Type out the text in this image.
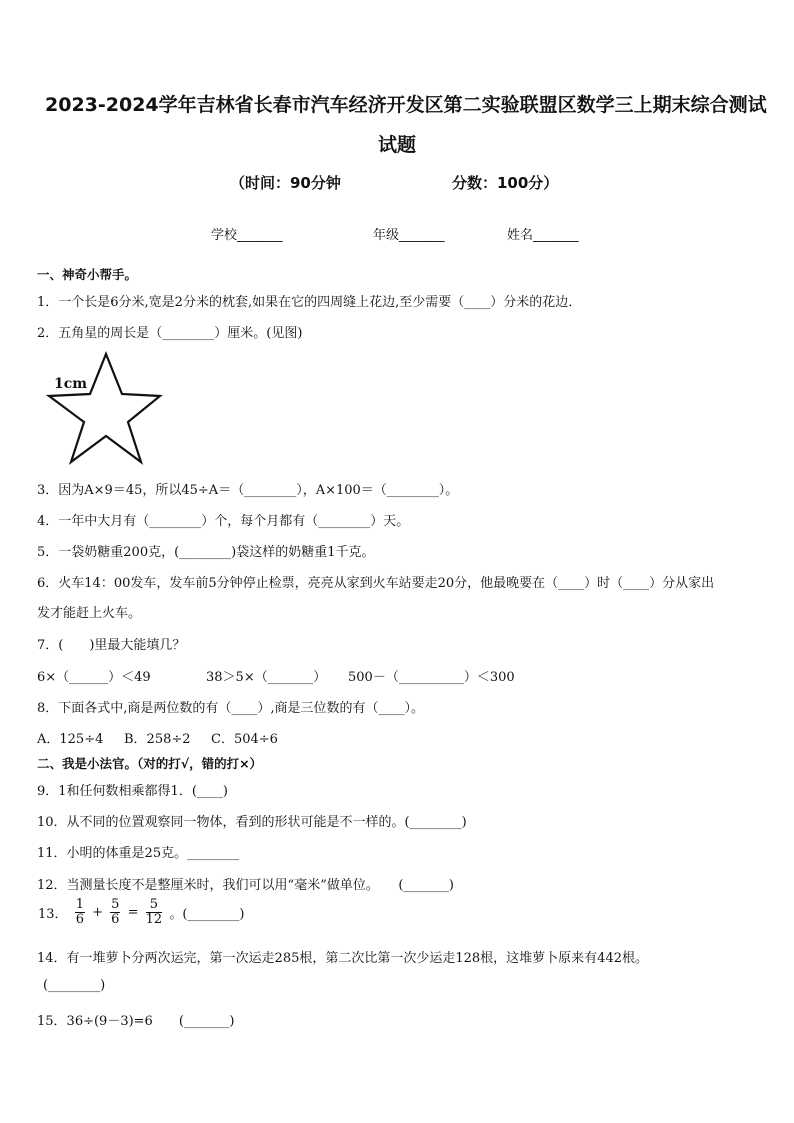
2023-2024学年吉林省长春市汽车经济开发区第二实验联盟区数学三上期末综合测试
试题
（时间：90分钟	分数：100分）
学校_______	年级_______	姓名_______
一、神奇小帮手。
1．一个长是6分米,宽是2分米的枕套,如果在它的四周缝上花边,至少需要（____）分米的花边．
2．五角星的周长是（________）厘米。(见图)
1cm
3．因为A×9＝45，所以45÷A＝（________），A×100＝（________）。
4．一年中大月有（________）个，每个月都有（________）天。
5．一袋奶糖重200克，(________)袋这样的奶糖重1千克。
6．火车14：00发车，发车前5分钟停止检票，亮亮从家到火车站要走20分，他最晚要在（____）时（____）分从家出
发才能赶上火车。
7．(　　)里最大能填几？
6×（______）＜49	38＞5×（_______） 500－（__________）＜300
8．下面各式中,商是两位数的有（____）,商是三位数的有（____）。
A．125÷4 B．258÷2 C．504÷6
二、我是小法官。（对的打√，错的打×）
9．1和任何数相乘都得1．(____)
10．从不同的位置观察同一物体，看到的形状可能是不一样的。(________)
11．小明的体重是25克。________
12．当测量长度不是整厘米时，我们可以用“毫米”做单位。　　(_______)
13． $\frac{1}{6} + \frac{5}{6} = \frac{5}{12}$ 。(________)
14．有一堆萝卜分两次运完，第一次运走285根，第二次比第一次少运走128根，这堆萝卜原来有442根。
(________)
15．36÷(9－3)=6　　(_______)
